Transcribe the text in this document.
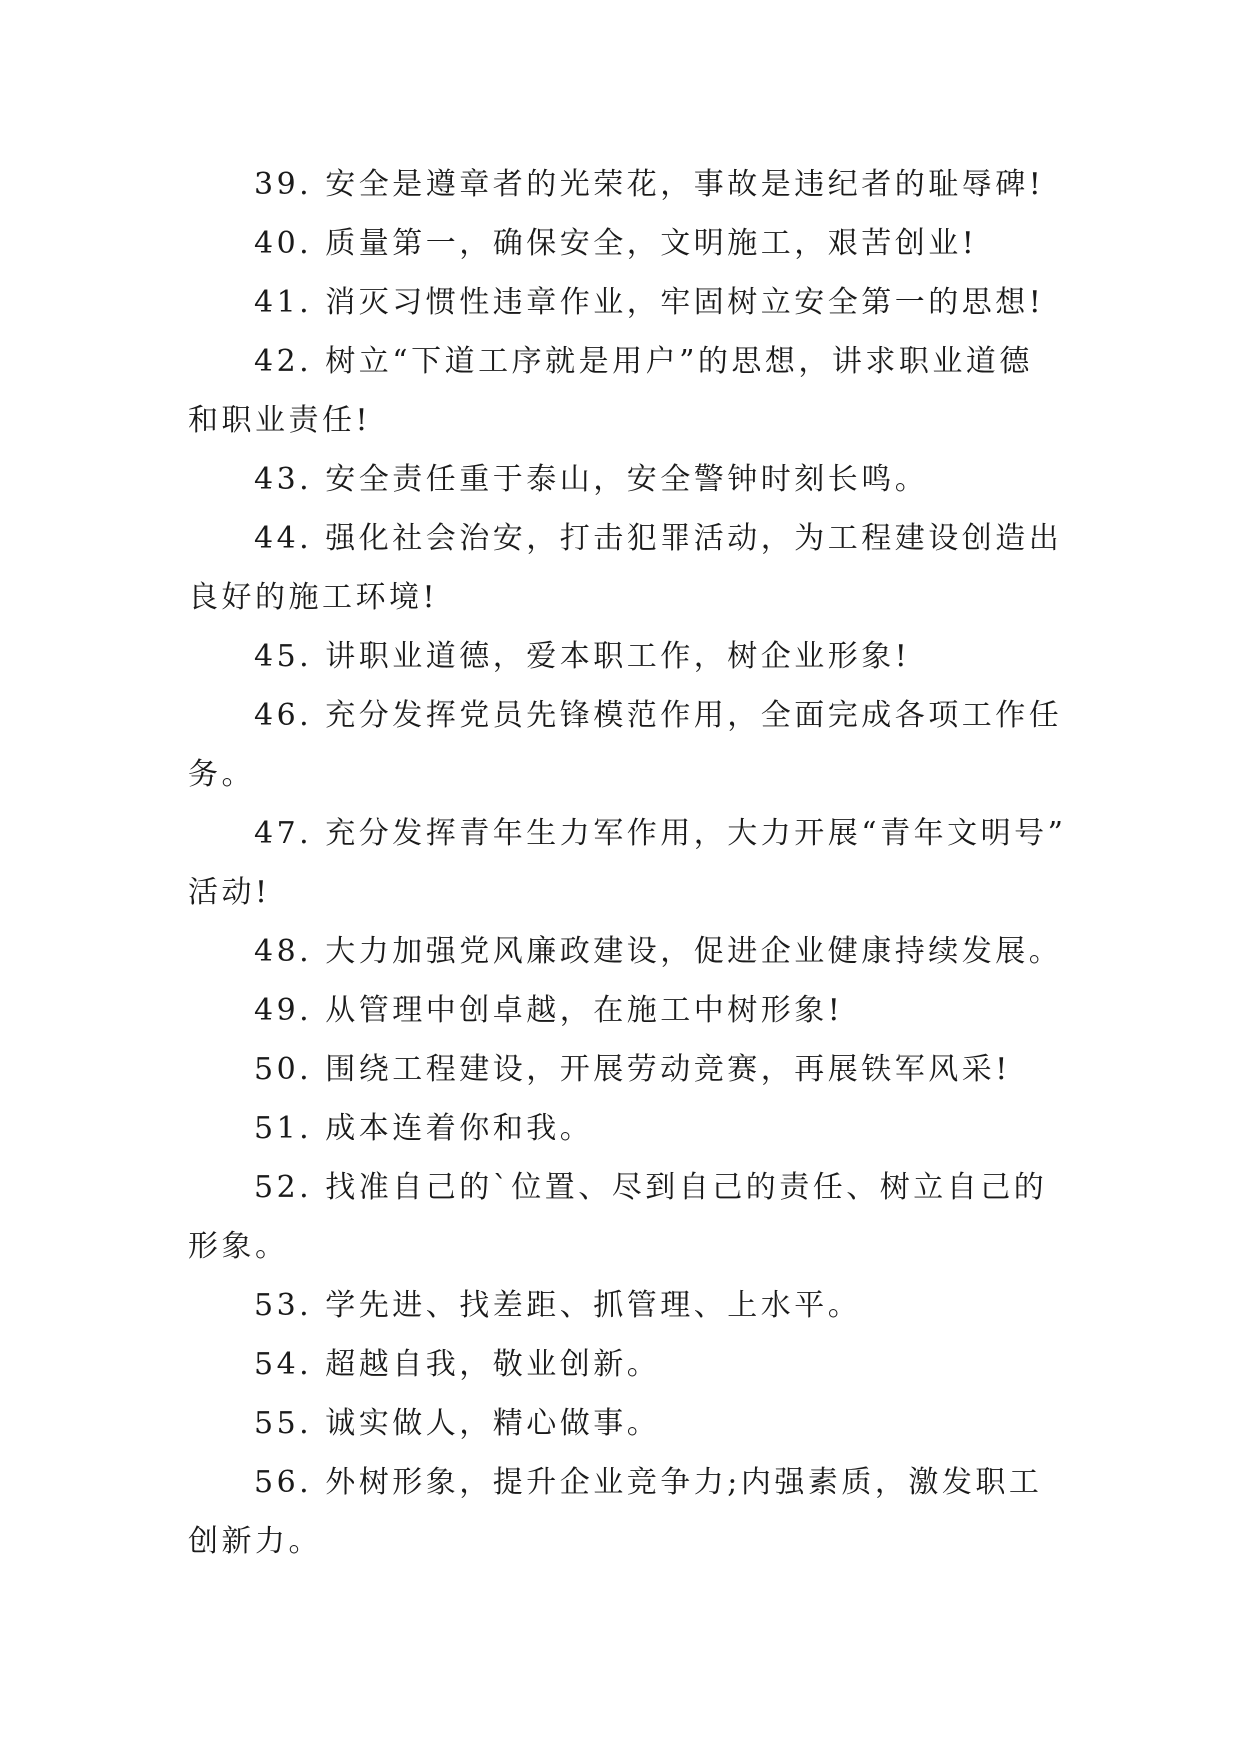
39. 安全是遵章者的光荣花，事故是违纪者的耻辱碑!
40. 质量第一，确保安全，文明施工，艰苦创业!
41. 消灭习惯性违章作业，牢固树立安全第一的思想!
42. 树立“下道工序就是用户”的思想，讲求职业道德
和职业责任!
43. 安全责任重于泰山，安全警钟时刻长鸣。
44. 强化社会治安，打击犯罪活动，为工程建设创造出
良好的施工环境!
45. 讲职业道德，爱本职工作，树企业形象!
46. 充分发挥党员先锋模范作用，全面完成各项工作任
务。
47. 充分发挥青年生力军作用，大力开展“青年文明号”
活动!
48. 大力加强党风廉政建设，促进企业健康持续发展。
49. 从管理中创卓越，在施工中树形象!
50. 围绕工程建设，开展劳动竞赛，再展铁军风采!
51. 成本连着你和我。
52. 找准自己的`位置、尽到自己的责任、树立自己的
形象。
53. 学先进、找差距、抓管理、上水平。
54. 超越自我，敬业创新。
55. 诚实做人，精心做事。
56. 外树形象，提升企业竞争力;内强素质，激发职工
创新力。
